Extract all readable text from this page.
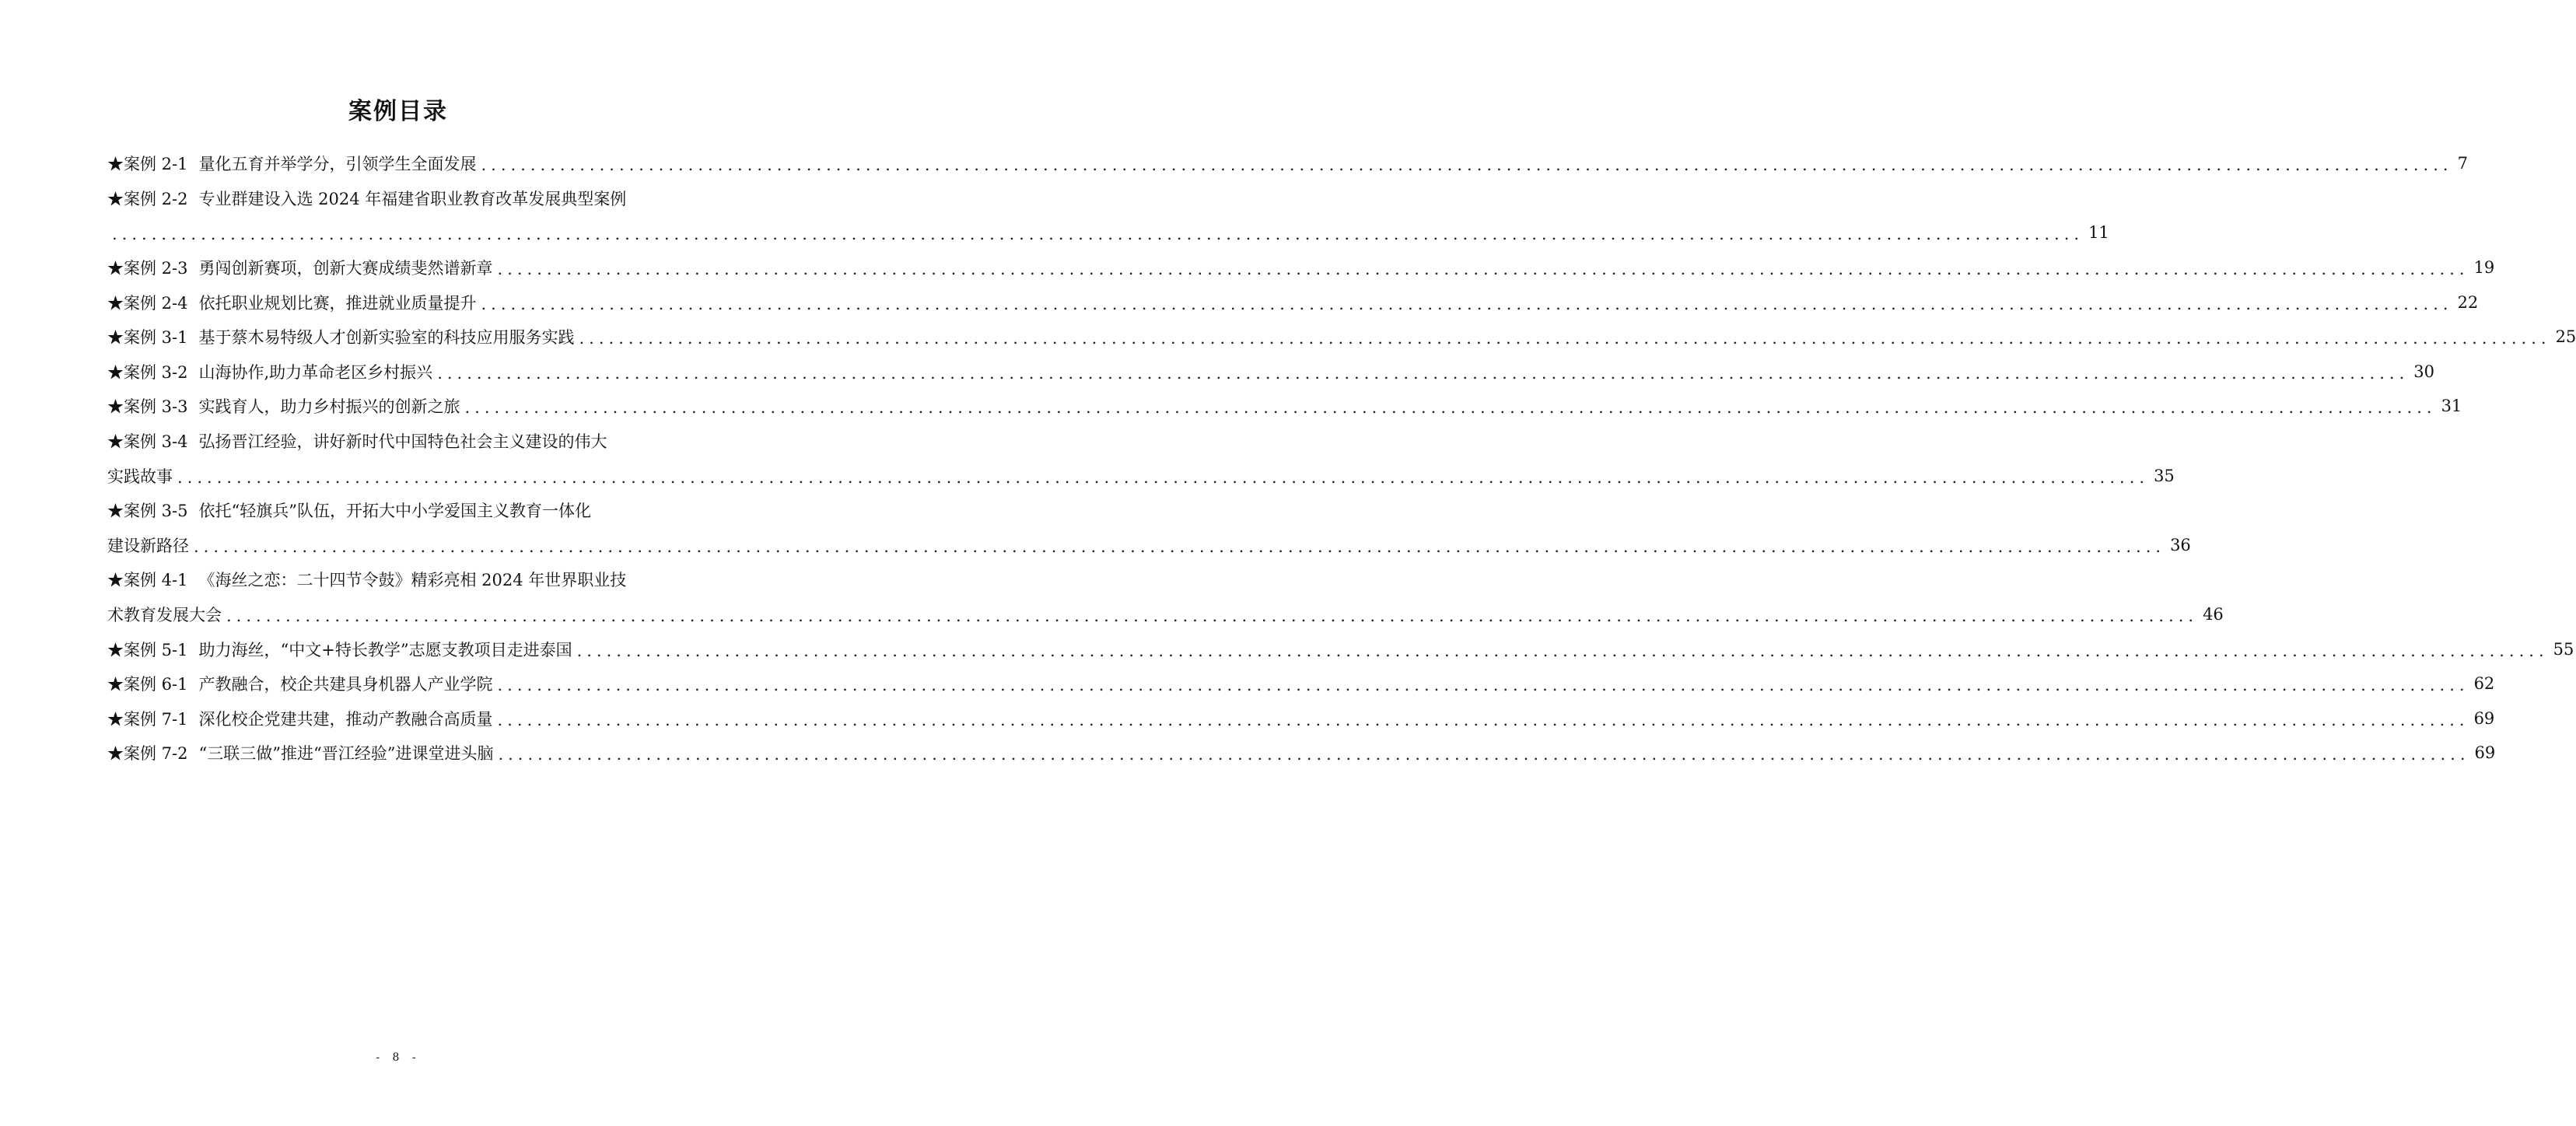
案例目录
★案例 2-1 量化五育并举学分，引领学生全面发展 ........................................................................................................................................................................................................ 7
★案例 2-2 专业群建设入选 2024 年福建省职业教育改革发展典型案例
........................................................................................................................................................................................................ 11
★案例 2-3 勇闯创新赛项，创新大赛成绩斐然谱新章 ........................................................................................................................................................................................................ 19
★案例 2-4 依托职业规划比赛，推进就业质量提升 ........................................................................................................................................................................................................ 22
★案例 3-1 基于蔡木易特级人才创新实验室的科技应用服务实践 ........................................................................................................................................................................................................ 25
★案例 3-2 山海协作,助力革命老区乡村振兴 ........................................................................................................................................................................................................ 30
★案例 3-3 实践育人，助力乡村振兴的创新之旅 ........................................................................................................................................................................................................ 31
★案例 3-4 弘扬晋江经验，讲好新时代中国特色社会主义建设的伟大
实践故事 ........................................................................................................................................................................................................ 35
★案例 3-5 依托“轻旗兵”队伍，开拓大中小学爱国主义教育一体化
建设新路径 ........................................................................................................................................................................................................ 36
★案例 4-1 《海丝之恋：二十四节令鼓》精彩亮相 2024 年世界职业技
术教育发展大会 ........................................................................................................................................................................................................ 46
★案例 5-1 助力海丝，“中文+特长教学”志愿支教项目走进泰国 ........................................................................................................................................................................................................ 55
★案例 6-1 产教融合，校企共建具身机器人产业学院 ........................................................................................................................................................................................................ 62
★案例 7-1 深化校企党建共建，推动产教融合高质量 ........................................................................................................................................................................................................ 69
★案例 7-2 “三联三做”推进“晋江经验”进课堂进头脑 ........................................................................................................................................................................................................ 69
- 8 -
